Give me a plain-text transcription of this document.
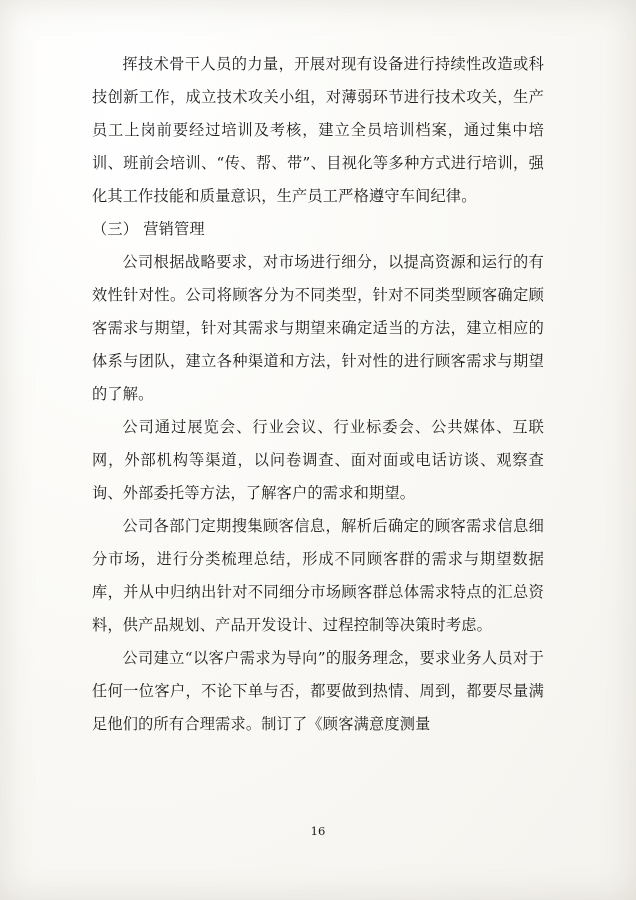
挥技术骨干人员的力量，开展对现有设备进行持续性改造或科技创新工作，成立技术攻关小组，对薄弱环节进行技术攻关，生产员工上岗前要经过培训及考核，建立全员培训档案，通过集中培训、班前会培训、“传、帮、带”、目视化等多种方式进行培训，强化其工作技能和质量意识，生产员工严格遵守车间纪律。

（三） 营销管理

公司根据战略要求，对市场进行细分，以提高资源和运行的有效性针对性。公司将顾客分为不同类型，针对不同类型顾客确定顾客需求与期望，针对其需求与期望来确定适当的方法，建立相应的体系与团队，建立各种渠道和方法，针对性的进行顾客需求与期望的了解。

公司通过展览会、行业会议、行业标委会、公共媒体、互联网，外部机构等渠道，以问卷调查、面对面或电话访谈、观察查询、外部委托等方法，了解客户的需求和期望。

公司各部门定期搜集顾客信息，解析后确定的顾客需求信息细分市场，进行分类梳理总结，形成不同顾客群的需求与期望数据库，并从中归纳出针对不同细分市场顾客群总体需求特点的汇总资料，供产品规划、产品开发设计、过程控制等决策时考虑。

公司建立“以客户需求为导向”的服务理念，要求业务人员对于任何一位客户，不论下单与否，都要做到热情、周到，都要尽量满足他们的所有合理需求。制订了《顾客满意度测量

16
